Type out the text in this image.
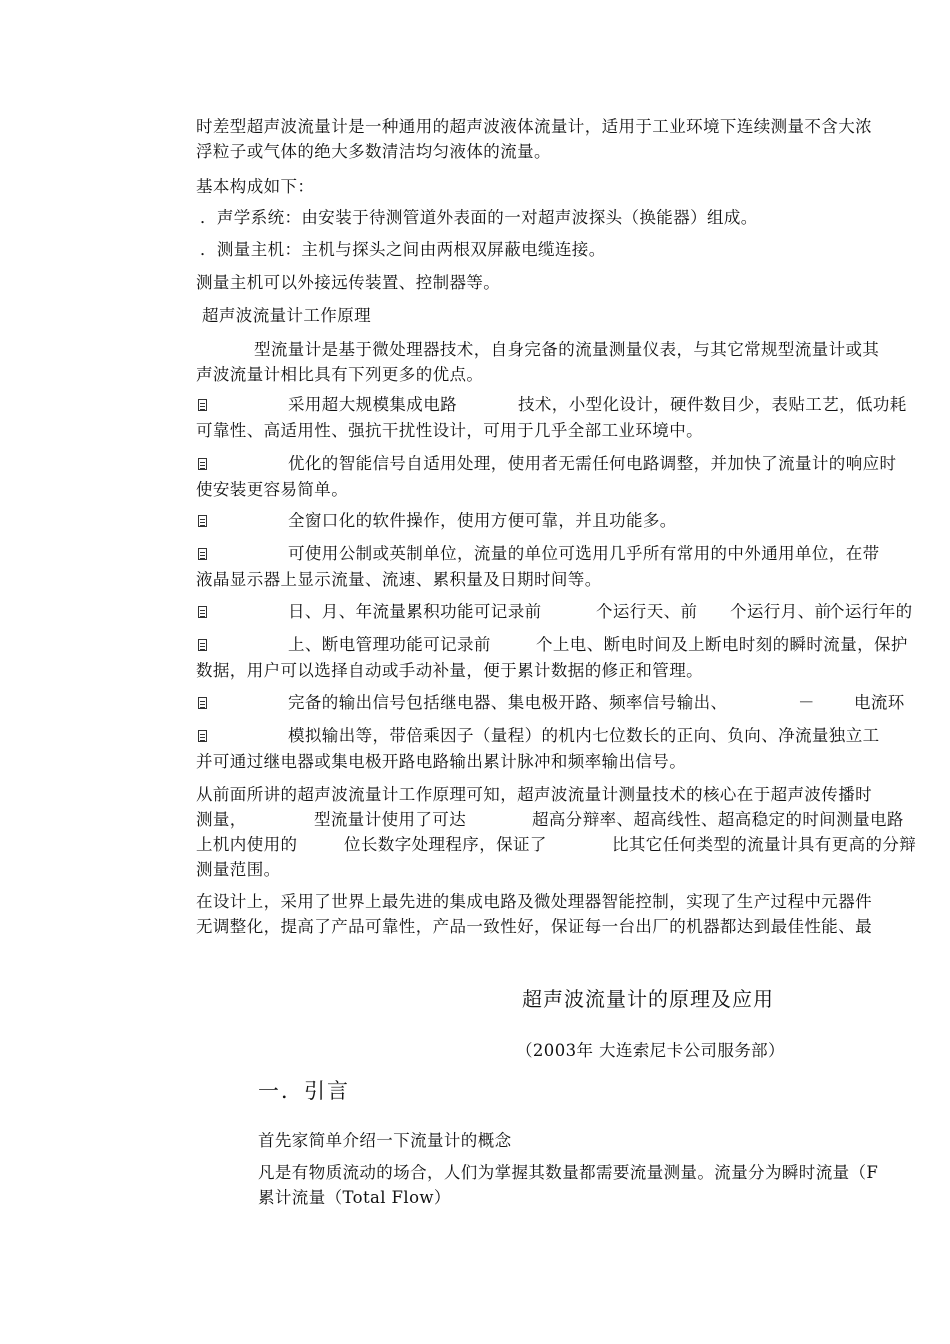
时差型超声波流量计是一种通用的超声波液体流量计，适用于工业环境下连续测量不含大浓
浮粒子或气体的绝大多数清洁均匀液体的流量。
基本构成如下：
．声学系统：由安装于待测管道外表面的一对超声波探头（换能器）组成。
．测量主机：主机与探头之间由两根双屏蔽电缆连接。
测量主机可以外接远传装置、控制器等。
超声波流量计工作原理
型流量计是基于微处理器技术，自身完备的流量测量仪表，与其它常规型流量计或其
声波流量计相比具有下列更多的优点。
采用超大规模集成电路	技术，小型化设计，硬件数目少，表贴工艺，低功耗
可靠性、高适用性、强抗干扰性设计，可用于几乎全部工业环境中。
优化的智能信号自适用处理，使用者无需任何电路调整，并加快了流量计的响应时
使安装更容易简单。
全窗口化的软件操作，使用方便可靠，并且功能多。
可使用公制或英制单位，流量的单位可选用几乎所有常用的中外通用单位，在带
液晶显示器上显示流量、流速、累积量及日期时间等。
日、月、年流量累积功能可记录前	个运行天、前 个运行月、前
个运行年的
上、断电管理功能可记录前	个上电、断电时间及上断电时刻的瞬时流量，保护
数据，用户可以选择自动或手动补量，便于累计数据的修正和管理。
完备的输出信号包括继电器、集电极开路、频率信号输出、	－ 电流环
模拟输出等，带倍乘因子（量程）的机内七位数长的正向、负向、净流量独立工
并可通过继电器或集电极开路电路输出累计脉冲和频率输出信号。
从前面所讲的超声波流量计工作原理可知，超声波流量计测量技术的核心在于超声波传播时
测量，	型流量计使用了可达	超高分辩率、超高线性、超高稳定的时间测量电路
上机内使用的	位长数字处理程序，保证了	比其它任何类型的流量计具有更高的分辩
测量范围。
在设计上，采用了世界上最先进的集成电路及微处理器智能控制，实现了生产过程中元器件
无调整化，提高了产品可靠性，产品一致性好，保证每一台出厂的机器都达到最佳性能、最
超声波流量计的原理及应用
（2003年 大连索尼卡公司服务部）
一．引言
首先家简单介绍一下流量计的概念
凡是有物质流动的场合，人们为掌握其数量都需要流量测量。流量分为瞬时流量（F
累计流量（Total Flow）
